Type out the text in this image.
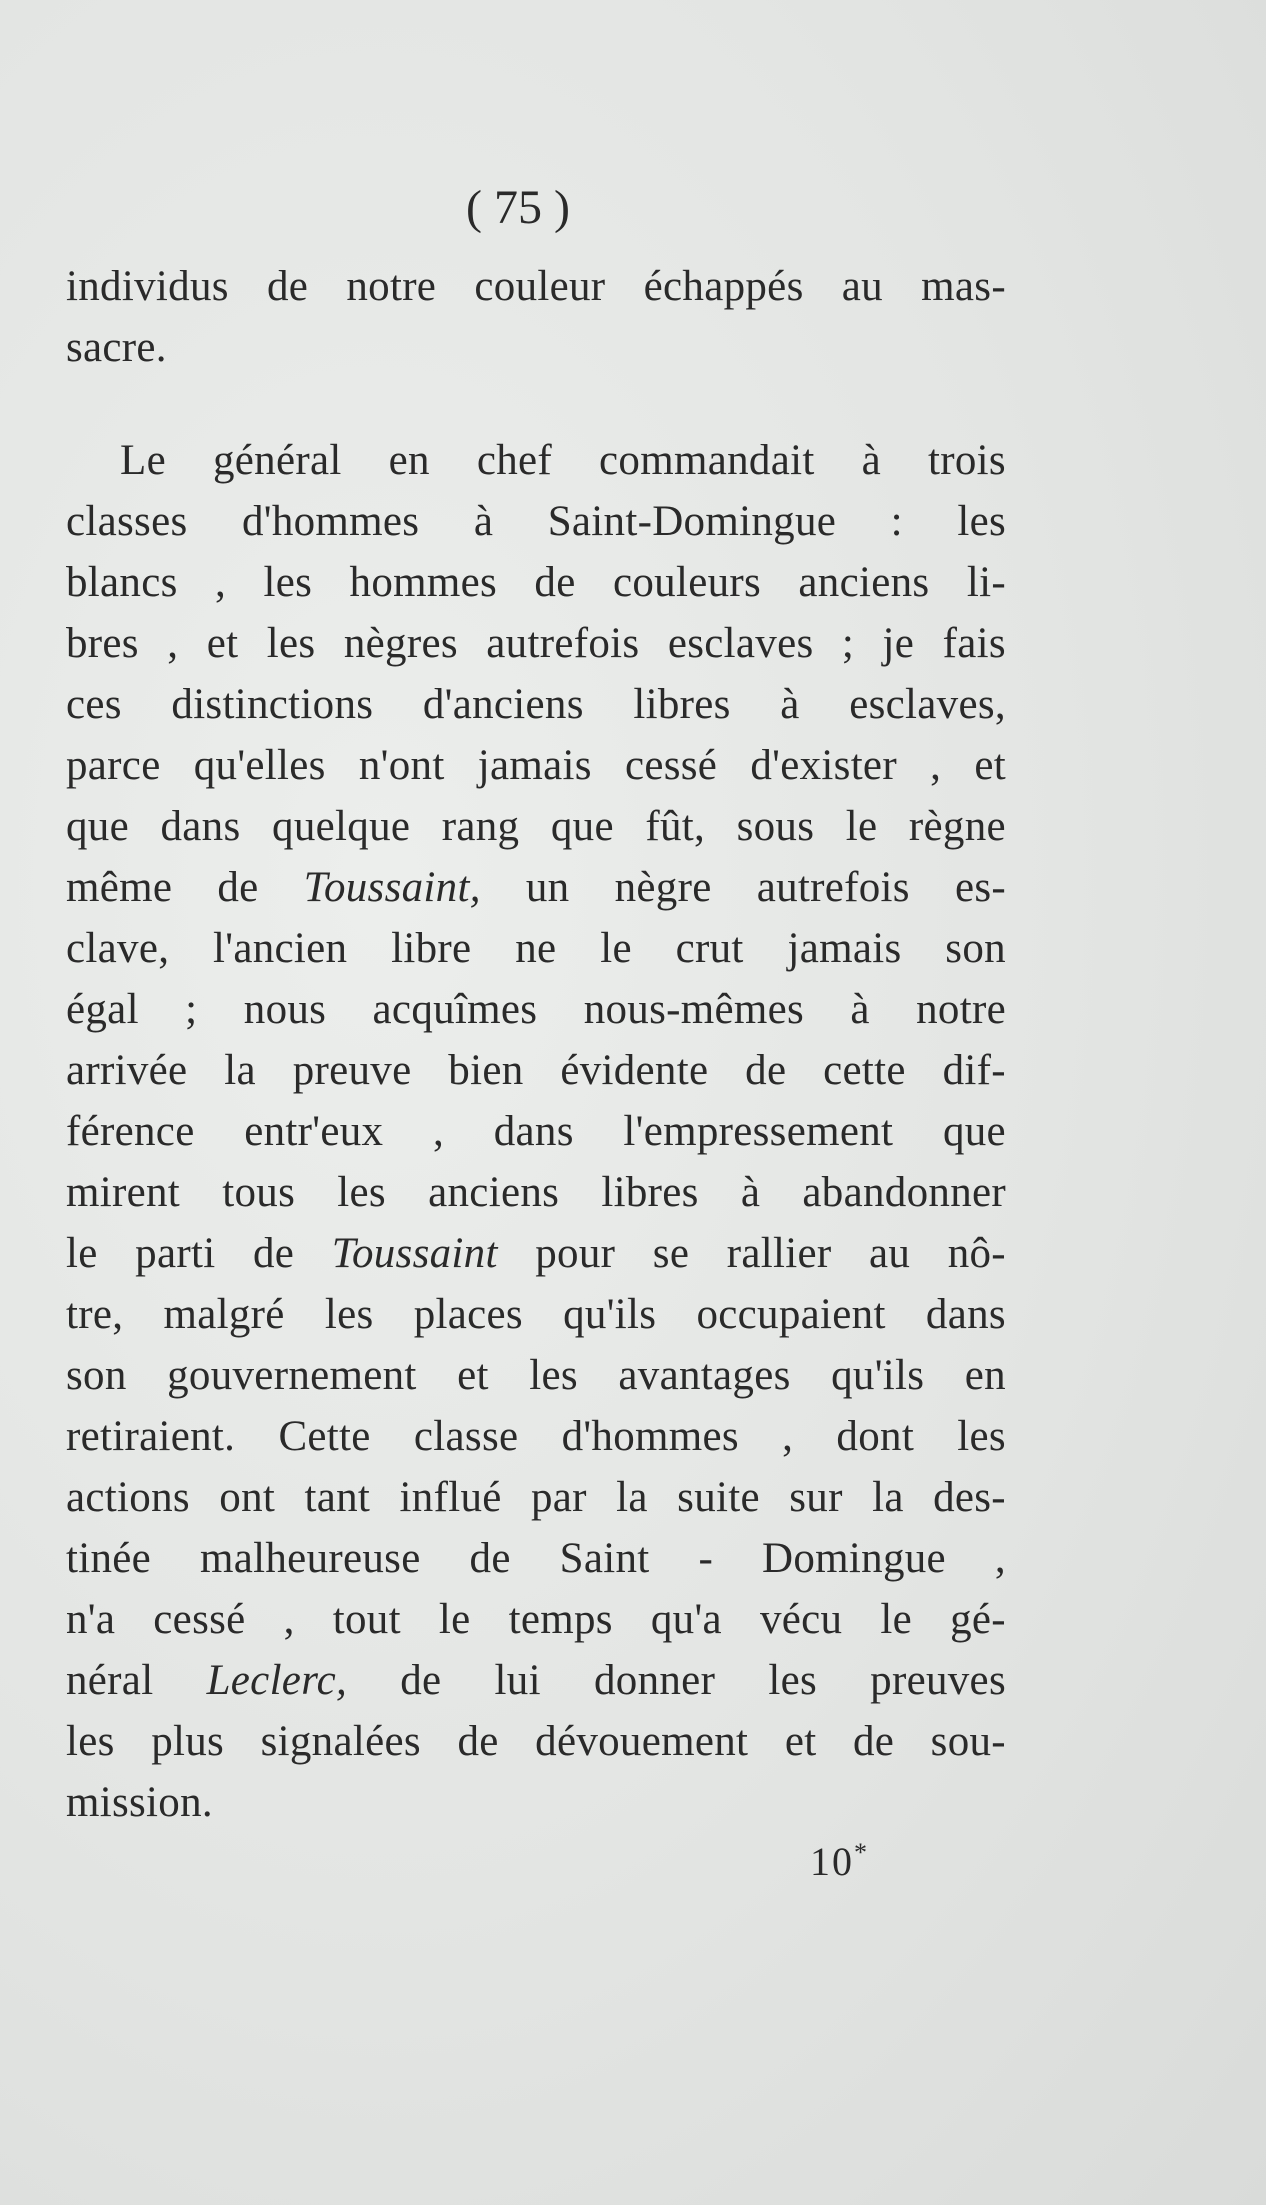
( 75 )
individus de notre couleur échappés au mas-
sacre.
Le général en chef commandait à trois
classes d'hommes à Saint-Domingue : les
blancs , les hommes de couleurs anciens li-
bres , et les nègres autrefois esclaves ; je fais
ces distinctions d'anciens libres à esclaves,
parce qu'elles n'ont jamais cessé d'exister , et
que dans quelque rang que fût, sous le règne
même de Toussaint, un nègre autrefois es-
clave, l'ancien libre ne le crut jamais son
égal ; nous acquîmes nous-mêmes à notre
arrivée la preuve bien évidente de cette dif-
férence entr'eux , dans l'empressement que
mirent tous les anciens libres à abandonner
le parti de Toussaint pour se rallier au nô-
tre, malgré les places qu'ils occupaient dans
son gouvernement et les avantages qu'ils en
retiraient. Cette classe d'hommes , dont les
actions ont tant influé par la suite sur la des-
tinée malheureuse de Saint - Domingue ,
n'a cessé , tout le temps qu'a vécu le gé-
néral Leclerc, de lui donner les preuves
les plus signalées de dévouement et de sou-
mission.
10*
